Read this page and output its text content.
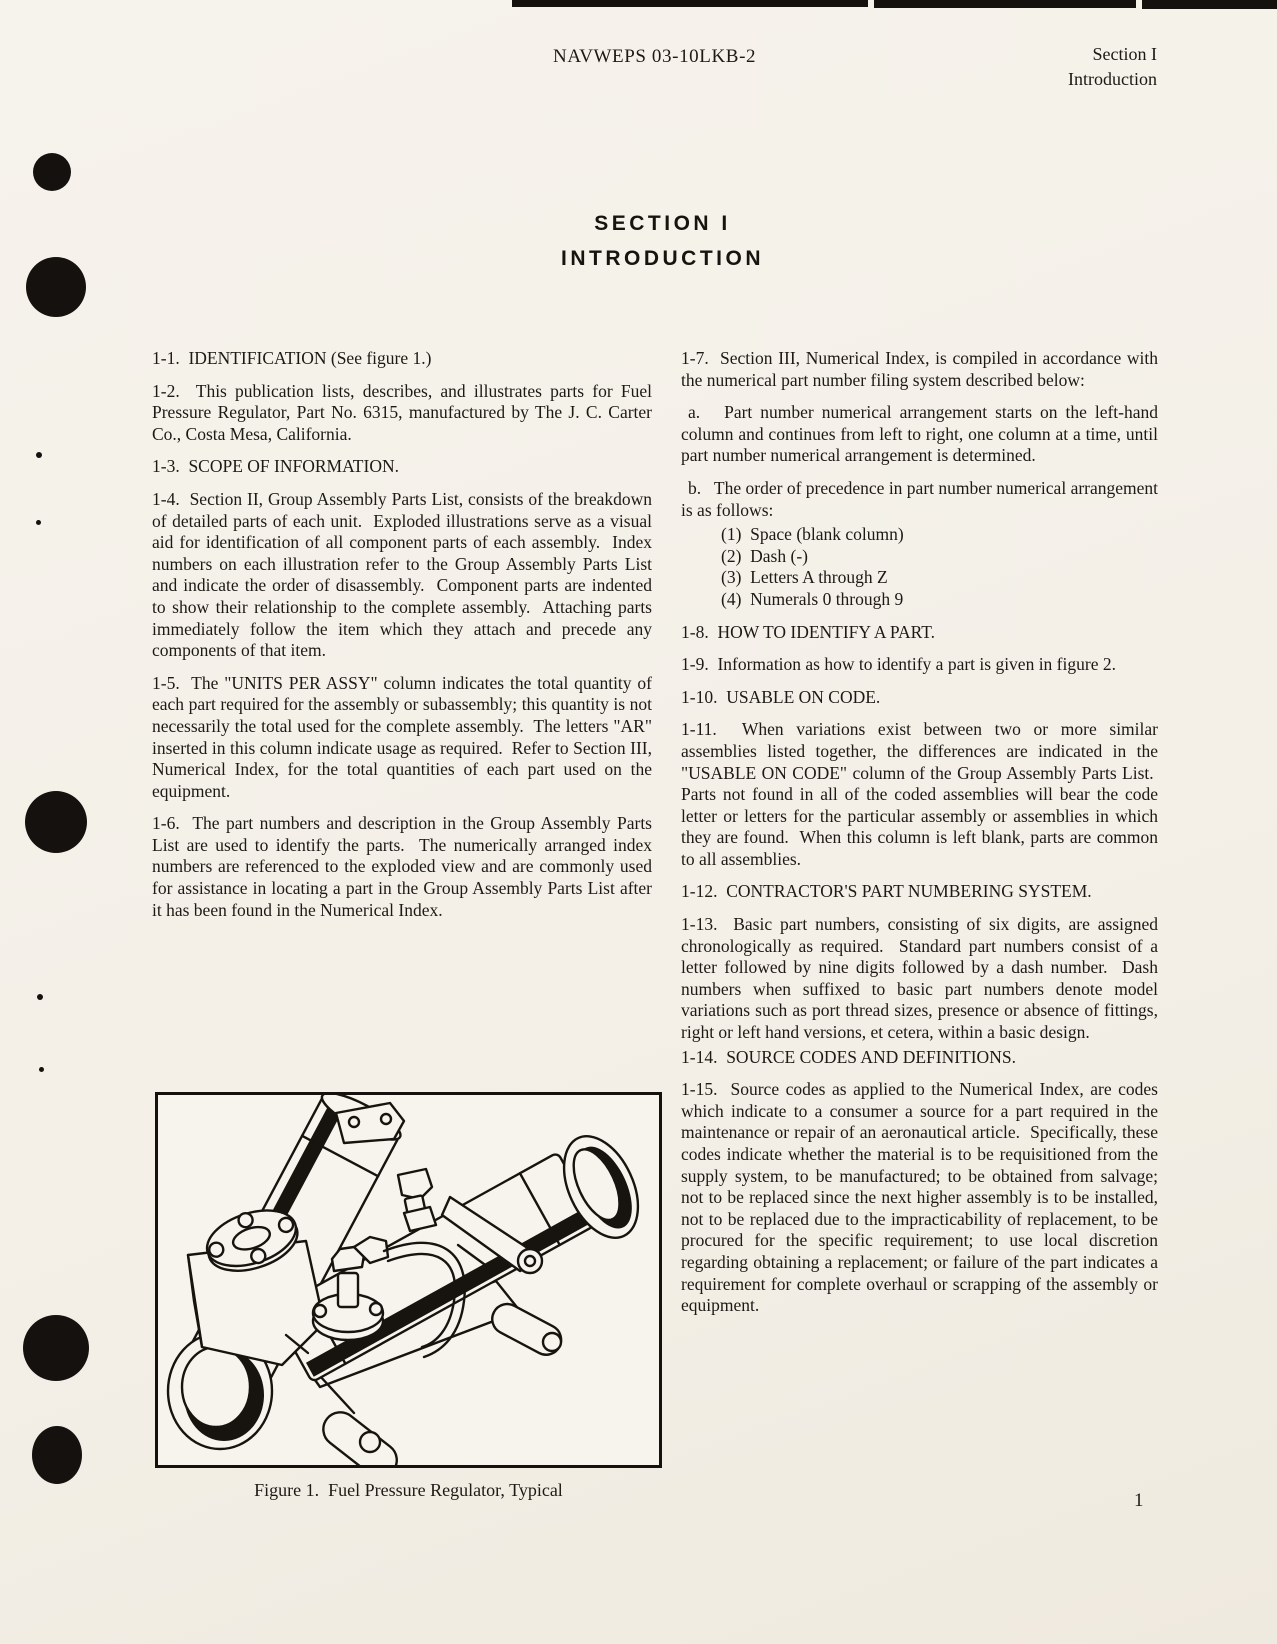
NAVWEPS 03-10LKB-2	Section I
Introduction
SECTION I
INTRODUCTION

1-1.  IDENTIFICATION (See figure 1.)

1-2.  This publication lists, describes, and illustrates parts for Fuel Pressure Regulator, Part No. 6315, manufactured by The J. C. Carter Co., Costa Mesa, California.

1-3.  SCOPE OF INFORMATION.

1-4.  Section II, Group Assembly Parts List, consists of the breakdown of detailed parts of each unit.  Exploded illustrations serve as a visual aid for identification of all component parts of each assembly.  Index numbers on each illustration refer to the Group Assembly Parts List and indicate the order of disassembly.  Component parts are indented to show their relationship to the complete assembly.  Attaching parts immediately follow the item which they attach and precede any components of that item.

1-5.  The "UNITS PER ASSY" column indicates the total quantity of each part required for the assembly or subassembly; this quantity is not necessarily the total used for the complete assembly.  The letters "AR" inserted in this column indicate usage as required.  Refer to Section III, Numerical Index, for the total quantities of each part used on the equipment.

1-6.  The part numbers and description in the Group Assembly Parts List are used to identify the parts.  The numerically arranged index numbers are referenced to the exploded view and are commonly used for assistance in locating a part in the Group Assembly Parts List after it has been found in the Numerical Index.

1-7.  Section III, Numerical Index, is compiled in accordance with the numerical part number filing system described below:

a.   Part number numerical arrangement starts on the left-hand column and continues from left to right, one column at a time, until part number numerical arrangement is determined.

b.   The order of precedence in part number numerical arrangement is as follows:

(1)  Space (blank column)

(2)  Dash (-)

(3)  Letters A through Z

(4)  Numerals 0 through 9

1-8.  HOW TO IDENTIFY A PART.

1-9.  Information as how to identify a part is given in figure 2.

1-10.  USABLE ON CODE.

1-11.  When variations exist between two or more similar assemblies listed together, the differences are indicated in the "USABLE ON CODE" column of the Group Assembly Parts List.  Parts not found in all of the coded assemblies will bear the code letter or letters for the particular assembly or assemblies in which they are found.  When this column is left blank, parts are common to all assemblies.

1-12.  CONTRACTOR'S PART NUMBERING SYSTEM.

1-13.  Basic part numbers, consisting of six digits, are assigned chronologically as required.  Standard part numbers consist of a letter followed by nine digits followed by a dash number.  Dash numbers when suffixed to basic part numbers denote model variations such as port thread sizes, presence or absence of fittings, right or left hand versions, et cetera, within a basic design.

1-14.  SOURCE CODES AND DEFINITIONS.

1-15.  Source codes as applied to the Numerical Index, are codes which indicate to a consumer a source for a part required in the maintenance or repair of an aeronautical article.  Specifically, these codes indicate whether the material is to be requisitioned from the supply system, to be manufactured; to be obtained from salvage; not to be replaced since the next higher assembly is to be installed, not to be replaced due to the impracticability of replacement, to be procured for the specific requirement; to use local discretion regarding obtaining a replacement; or failure of the part indicates a requirement for complete overhaul or scrapping of the assembly or equipment.

Figure 1.  Fuel Pressure Regulator, Typical	1
